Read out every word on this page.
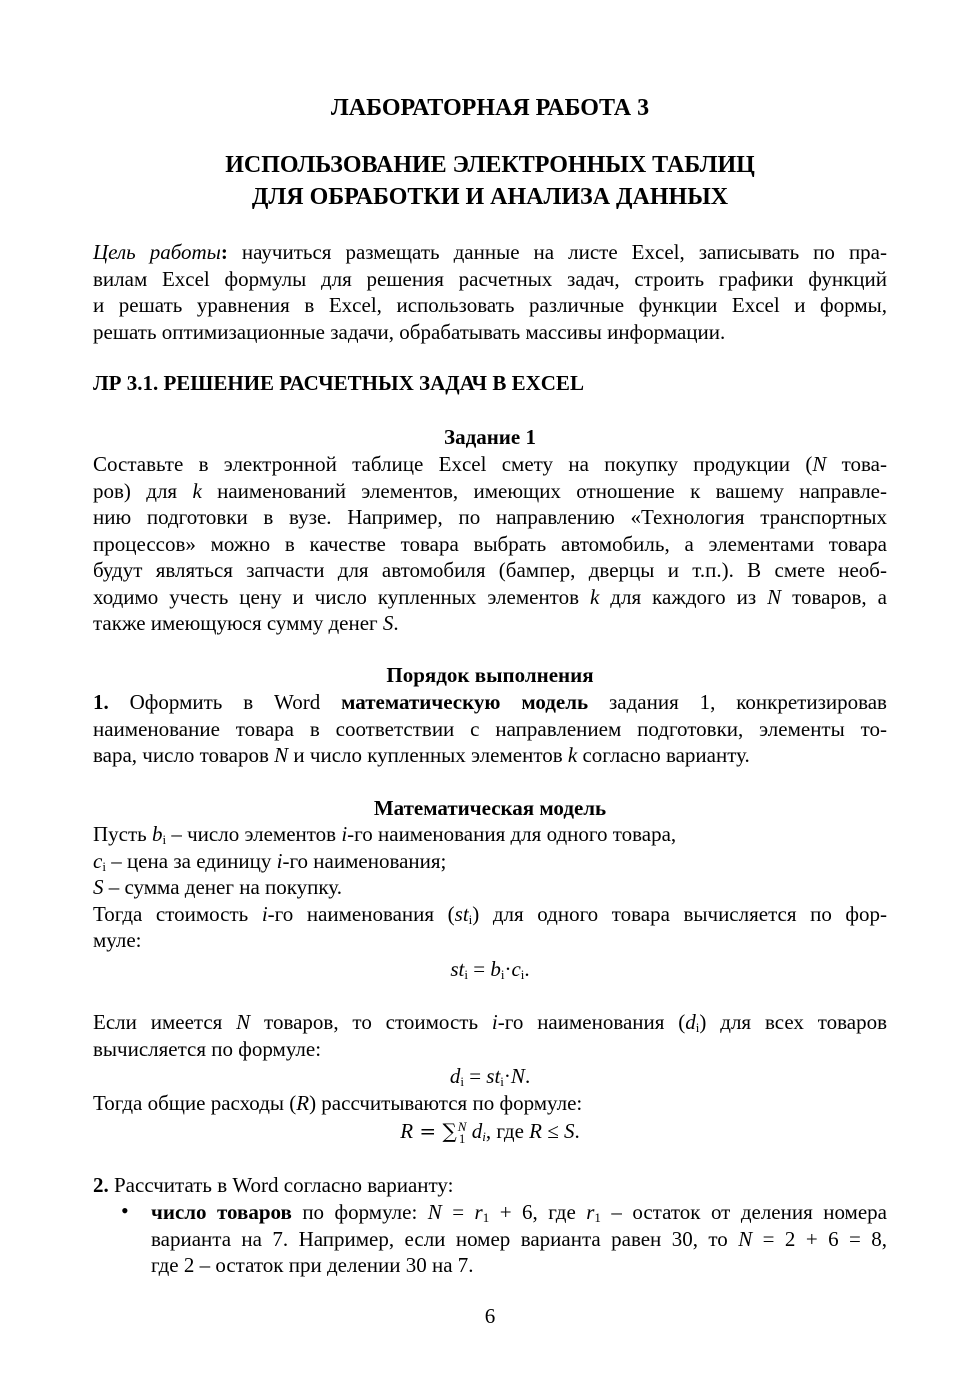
ЛАБОРАТОРНАЯ РАБОТА 3
ИСПОЛЬЗОВАНИЕ ЭЛЕКТРОННЫХ ТАБЛИЦ
ДЛЯ ОБРАБОТКИ И АНАЛИЗА ДАННЫХ
Цель работы: научиться размещать данные на листе Excel, записывать по пра-
вилам Excel формулы для решения расчетных задач, строить графики функций
и решать уравнения в Excel, использовать различные функции Excel и формы,
решать оптимизационные задачи, обрабатывать массивы информации.
ЛР 3.1. РЕШЕНИЕ РАСЧЕТНЫХ ЗАДАЧ В EXCEL
Задание 1
Составьте в электронной таблице Excel смету на покупку продукции (N това-
ров) для k наименований элементов, имеющих отношение к вашему направле-
нию подготовки в вузе. Например, по направлению «Технология транспортных
процессов» можно в качестве товара выбрать автомобиль, а элементами товара
будут являться запчасти для автомобиля (бампер, дверцы и т.п.). В смете необ-
ходимо учесть цену и число купленных элементов k для каждого из N товаров, а
также имеющуюся сумму денег S.
Порядок выполнения
1. Оформить в Word математическую модель задания 1, конкретизировав
наименование товара в соответствии с направлением подготовки, элементы то-
вара, число товаров N и число купленных элементов k согласно варианту.
Математическая модель
Пусть $b_i$ – число элементов i-го наименования для одного товара,
$c_i$ – цена за единицу i-го наименования;
S – сумма денег на покупку.
Тогда стоимость i-го наименования $(st_i)$ для одного товара вычисляется по фор-
муле:
$st_i = b_i\cdot c_i$.
Если имеется N товаров, то стоимость i-го наименования $(d_i)$ для всех товаров
вычисляется по формуле:
$d_i = st_i\cdot N$.
Тогда общие расходы (R) рассчитываются по формуле:
R = ∑ N
1 $d_i$, где R ≤ S.
2. Рассчитать в Word согласно варианту:
• число товаров по формуле: $N = r_1 + 6$, где $r_1$ – остаток от деления номера
варианта на 7. Например, если номер варианта равен 30, то N = 2 + 6 = 8,
где 2 – остаток при делении 30 на 7.
6
